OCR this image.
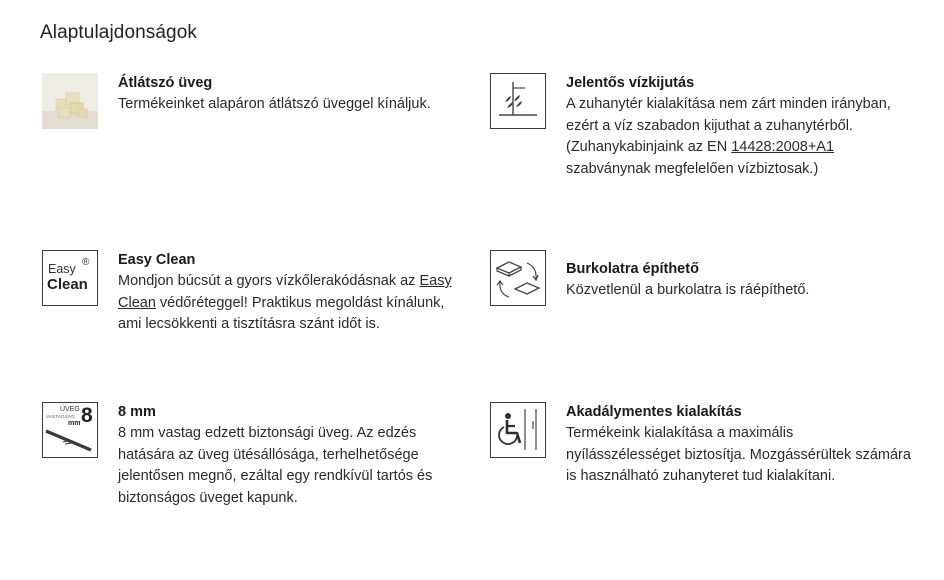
Alaptulajdonságok
Átlátszó üveg

Termékeinket alapáron átlátszó üveggel kínáljuk.

Jelentős vízkijutás

A zuhanytér kialakítása nem zárt minden irányban, ezért a víz szabadon kijuthat a zuhanytérből. (Zuhanykabinjaink az EN 14428:2008+A1 szabványnak megfelelően vízbiztosak.)

Easy ®
Clean
Easy Clean

Mondjon búcsút a gyors vízkőlerakódásnak az Easy Clean védőréteggel! Praktikus megoldást kínálunk, ami lecsökkenti a tisztításra szánt időt is.

Burkolatra építhető

Közvetlenül a burkolatra is ráépíthető.

ÜVEG
VASTAGSÁG
mm 8 8 mm

8 mm vastag edzett biztonsági üveg. Az edzés hatására az üveg ütésállósága, terhelhetősége jelentősen megnő, ezáltal egy rendkívül tartós és biztonságos üveget kapunk.

Akadálymentes kialakítás

Termékeink kialakítása a maximális nyílásszélességet biztosítja. Mozgássérültek számára is használható zuhanyteret tud kialakítani.
